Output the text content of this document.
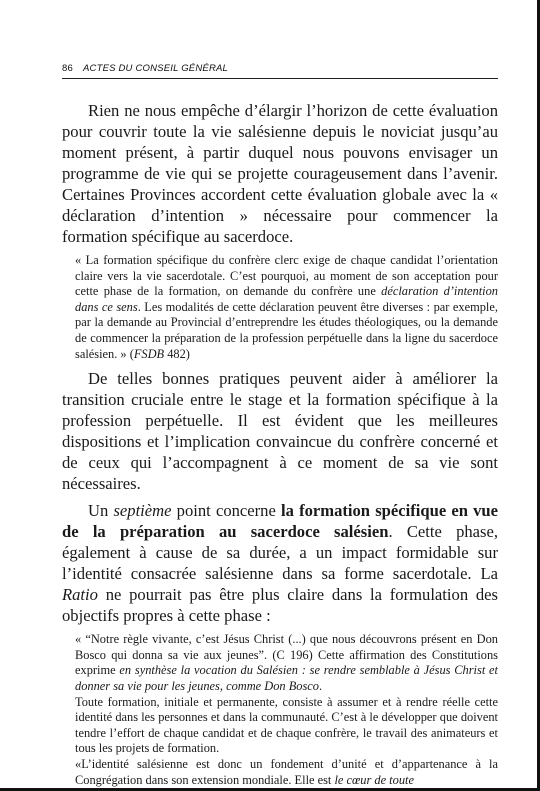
86 ACTES DU CONSEIL GÉNÉRAL

Rien ne nous empêche d’élargir l’horizon de cette évaluation pour couvrir toute la vie salésienne depuis le noviciat jusqu’au moment présent, à partir duquel nous pouvons envisager un programme de vie qui se projette courageusement dans l’avenir. Certaines Provinces accordent cette évaluation globale avec la « déclaration d’intention » nécessaire pour commencer la formation spécifique au sacerdoce.

« La formation spécifique du confrère clerc exige de chaque candidat l’orientation claire vers la vie sacerdotale. C’est pourquoi, au moment de son acceptation pour cette phase de la formation, on demande du confrère une déclaration d’intention dans ce sens. Les modalités de cette déclaration peuvent être diverses : par exemple, par la demande au Provincial d’entreprendre les études théologiques, ou la demande de commencer la préparation de la profession perpétuelle dans la ligne du sacerdoce salésien. » (FSDB 482)

De telles bonnes pratiques peuvent aider à améliorer la transition cruciale entre le stage et la formation spécifique à la profession perpétuelle. Il est évident que les meilleures dispositions et l’implication convaincue du confrère concerné et de ceux qui l’accompagnent à ce moment de sa vie sont nécessaires.

Un septième point concerne la formation spécifique en vue de la préparation au sacerdoce salésien. Cette phase, également à cause de sa durée, a un impact formidable sur l’identité consacrée salésienne dans sa forme sacerdotale. La Ratio ne pourrait pas être plus claire dans la formulation des objectifs propres à cette phase :

« “Notre règle vivante, c’est Jésus Christ (...) que nous découvrons présent en Don Bosco qui donna sa vie aux jeunes”. (C 196) Cette affirmation des Constitutions exprime en synthèse la vocation du Salésien : se rendre semblable à Jésus Christ et donner sa vie pour les jeunes, comme Don Bosco.

Toute formation, initiale et permanente, consiste à assumer et à rendre réelle cette identité dans les personnes et dans la communauté. C’est à le développer que doivent tendre l’effort de chaque candidat et de chaque confrère, le travail des animateurs et tous les projets de formation.

«L’identité salésienne est donc un fondement d’unité et d’appartenance à la Congrégation dans son extension mondiale. Elle est le cœur de toute
